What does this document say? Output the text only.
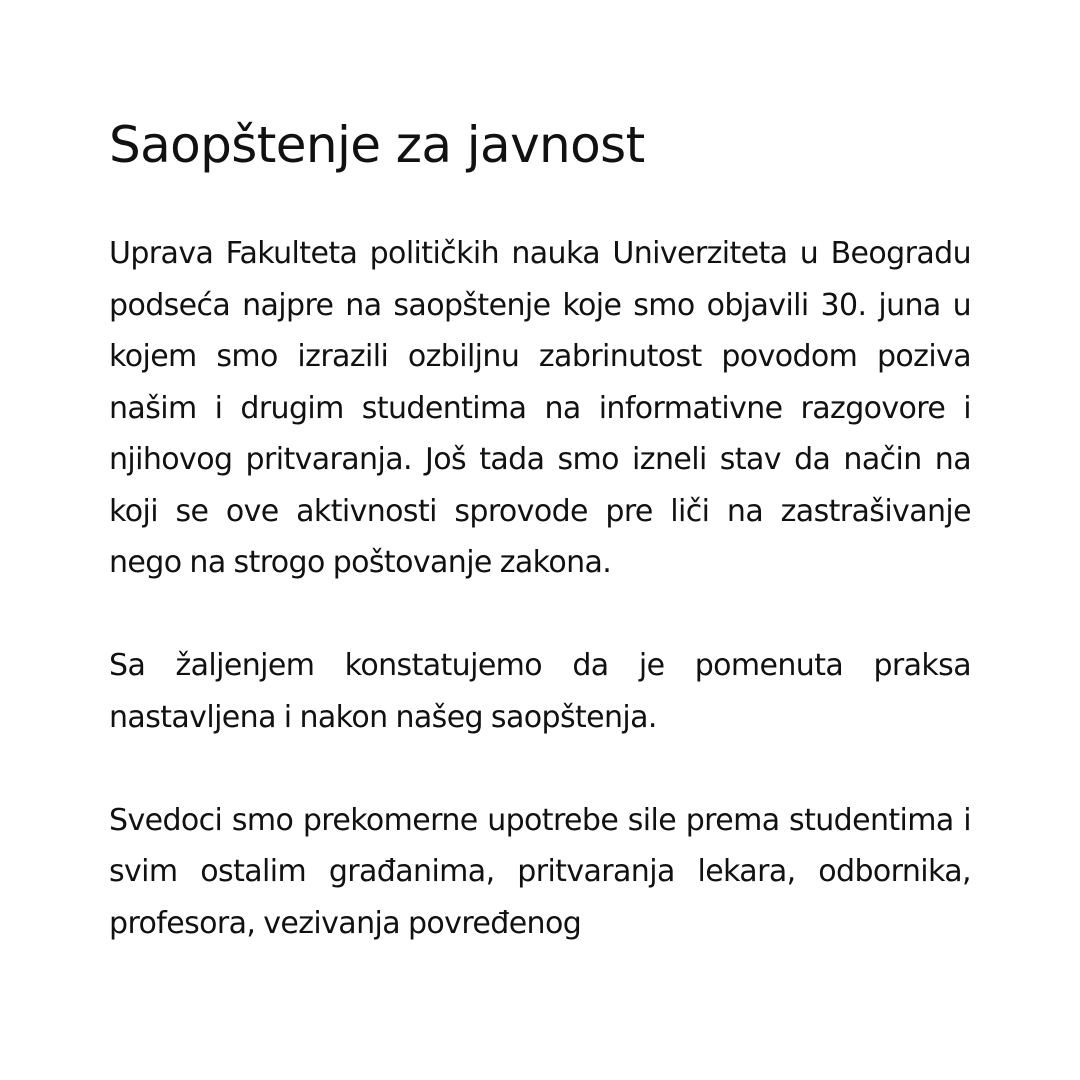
Saopštenje za javnost

Uprava Fakulteta političkih nauka Univerziteta u Beogradu podseća najpre na saopštenje koje smo objavili 30. juna u kojem smo izrazili ozbiljnu zabrinutost povodom poziva našim i drugim studentima na informativne razgovore i njihovog pritvaranja. Još tada smo izneli stav da način na koji se ove aktivnosti sprovode pre liči na zastrašivanje nego na strogo poštovanje zakona.

Sa žaljenjem konstatujemo da je pomenuta praksa nastavljena i nakon našeg saopštenja.

Svedoci smo prekomerne upotrebe sile prema studentima i svim ostalim građanima, pritvaranja lekara, odbornika, profesora, vezivanja povređenog
